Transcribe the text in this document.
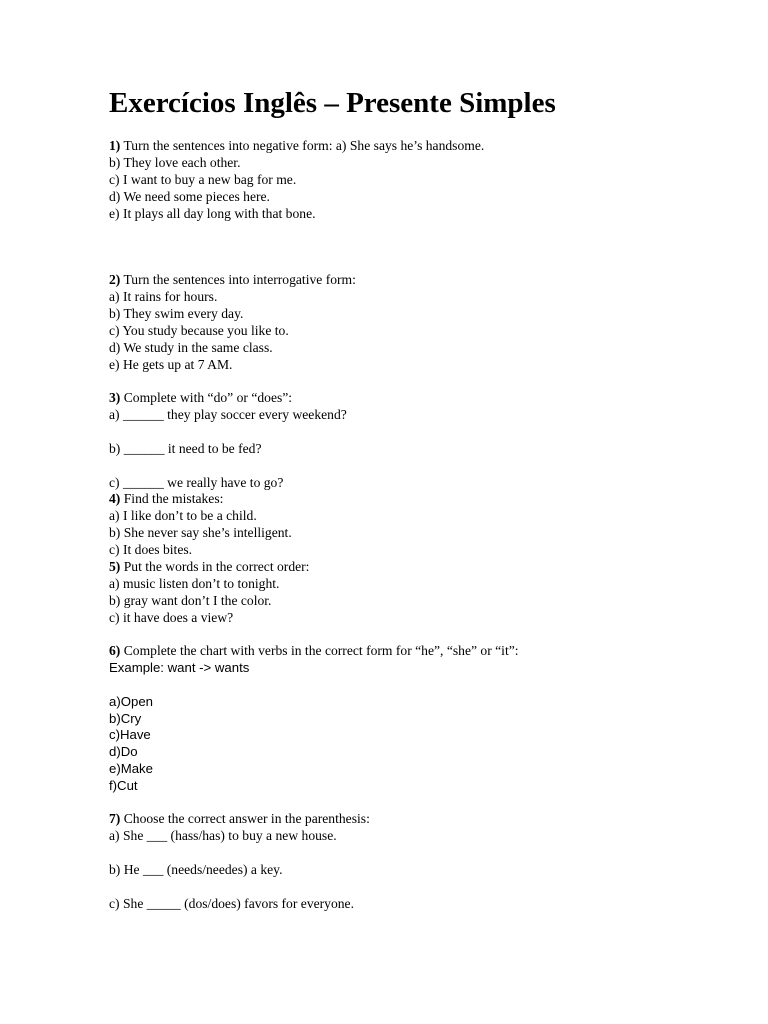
Exercícios Inglês – Presente Simples
1) Turn the sentences into negative form: a) She says he’s handsome.
b) They love each other.
c) I want to buy a new bag for me.
d) We need some pieces here.
e) It plays all day long with that bone.
2) Turn the sentences into interrogative form:
a) It rains for hours.
b) They swim every day.
c) You study because you like to.
d) We study in the same class.
e) He gets up at 7 AM.
3) Complete with “do” or “does”:
a) ______ they play soccer every weekend?
b) ______ it need to be fed?
c) ______ we really have to go?
4) Find the mistakes:
a) I like don’t to be a child.
b) She never say she’s intelligent.
c) It does bites.
5) Put the words in the correct order:
a) music listen don’t to tonight.
b) gray want don’t I the color.
c) it have does a view?
6) Complete the chart with verbs in the correct form for “he”, “she” or “it”:
Example: want -> wants
a)Open
b)Cry
c)Have
d)Do
e)Make
f)Cut
7) Choose the correct answer in the parenthesis:
a) She ___ (hass/has) to buy a new house.
b) He ___ (needs/needes) a key.
c) She _____ (dos/does) favors for everyone.
